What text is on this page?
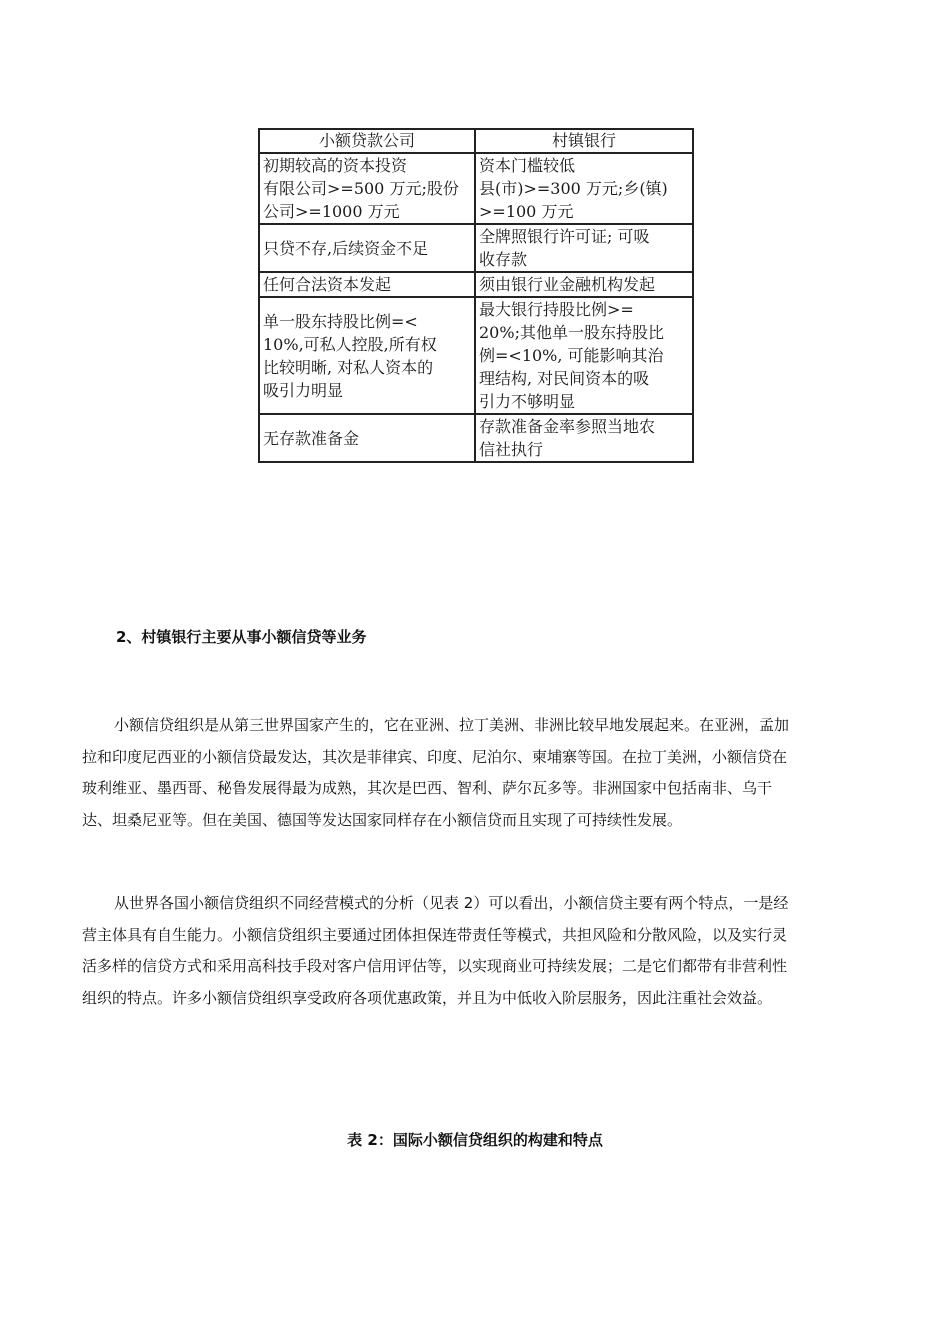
小额贷款公司	村镇银行

初期较高的资本投资
有限公司>=500 万元;股份
公司>=1000 万元	资本门槛较低
县(市)>=300 万元;乡(镇)
>=100 万元

只贷不存,后续资金不足	全牌照银行许可证; 可吸
收存款

任何合法资本发起	须由银行业金融机构发起

单一股东持股比例=<
10%,可私人控股,所有权
比较明晰, 对私人资本的
吸引力明显	最大银行持股比例>=
20%;其他单一股东持股比
例=<10%, 可能影响其治
理结构, 对民间资本的吸
引力不够明显

无存款准备金	存款准备金率参照当地农
信社执行
2、村镇银行主要从事小额信贷等业务
小额信贷组织是从第三世界国家产生的，它在亚洲、拉丁美洲、非洲比较早地发展起来。在亚洲，孟加
拉和印度尼西亚的小额信贷最发达，其次是菲律宾、印度、尼泊尔、柬埔寨等国。在拉丁美洲，小额信贷在
玻利维亚、墨西哥、秘鲁发展得最为成熟，其次是巴西、智利、萨尔瓦多等。非洲国家中包括南非、乌干
达、坦桑尼亚等。但在美国、德国等发达国家同样存在小额信贷而且实现了可持续性发展。
从世界各国小额信贷组织不同经营模式的分析（见表 2）可以看出，小额信贷主要有两个特点，一是经
营主体具有自生能力。小额信贷组织主要通过团体担保连带责任等模式，共担风险和分散风险，以及实行灵
活多样的信贷方式和采用高科技手段对客户信用评估等，以实现商业可持续发展；二是它们都带有非营利性
组织的特点。许多小额信贷组织享受政府各项优惠政策，并且为中低收入阶层服务，因此注重社会效益。
表 2：国际小额信贷组织的构建和特点
